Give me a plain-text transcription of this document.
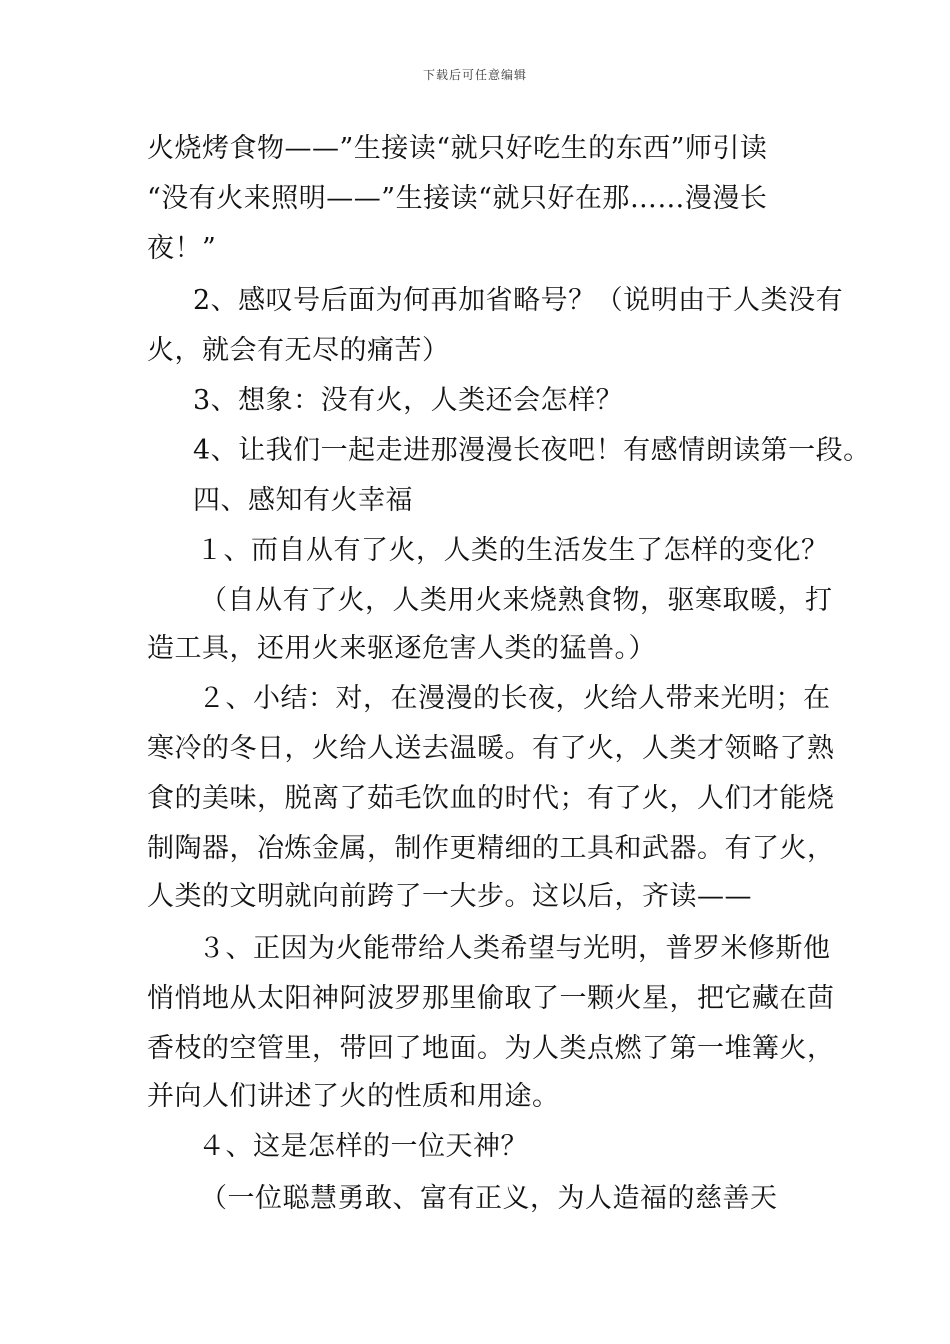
下载后可任意编辑
火烧烤食物——”生接读“就只好吃生的东西”师引读
“没有火来照明——”生接读“就只好在那……漫漫长
夜！”
2、感叹号后面为何再加省略号？（说明由于人类没有
火，就会有无尽的痛苦）
3、想象：没有火，人类还会怎样？
4、让我们一起走进那漫漫长夜吧！有感情朗读第一段。
四、感知有火幸福
１、而自从有了火，人类的生活发生了怎样的变化？
（自从有了火，人类用火来烧熟食物，驱寒取暖，打
造工具，还用火来驱逐危害人类的猛兽。）
２、小结：对，在漫漫的长夜，火给人带来光明；在
寒冷的冬日，火给人送去温暖。有了火，人类才领略了熟
食的美味，脱离了茹毛饮血的时代；有了火，人们才能烧
制陶器，冶炼金属，制作更精细的工具和武器。有了火，
人类的文明就向前跨了一大步。这以后，齐读——
３、正因为火能带给人类希望与光明，普罗米修斯他
悄悄地从太阳神阿波罗那里偷取了一颗火星，把它藏在茴
香枝的空管里，带回了地面。为人类点燃了第一堆篝火，
并向人们讲述了火的性质和用途。
４、这是怎样的一位天神？
（一位聪慧勇敢、富有正义，为人造福的慈善天
